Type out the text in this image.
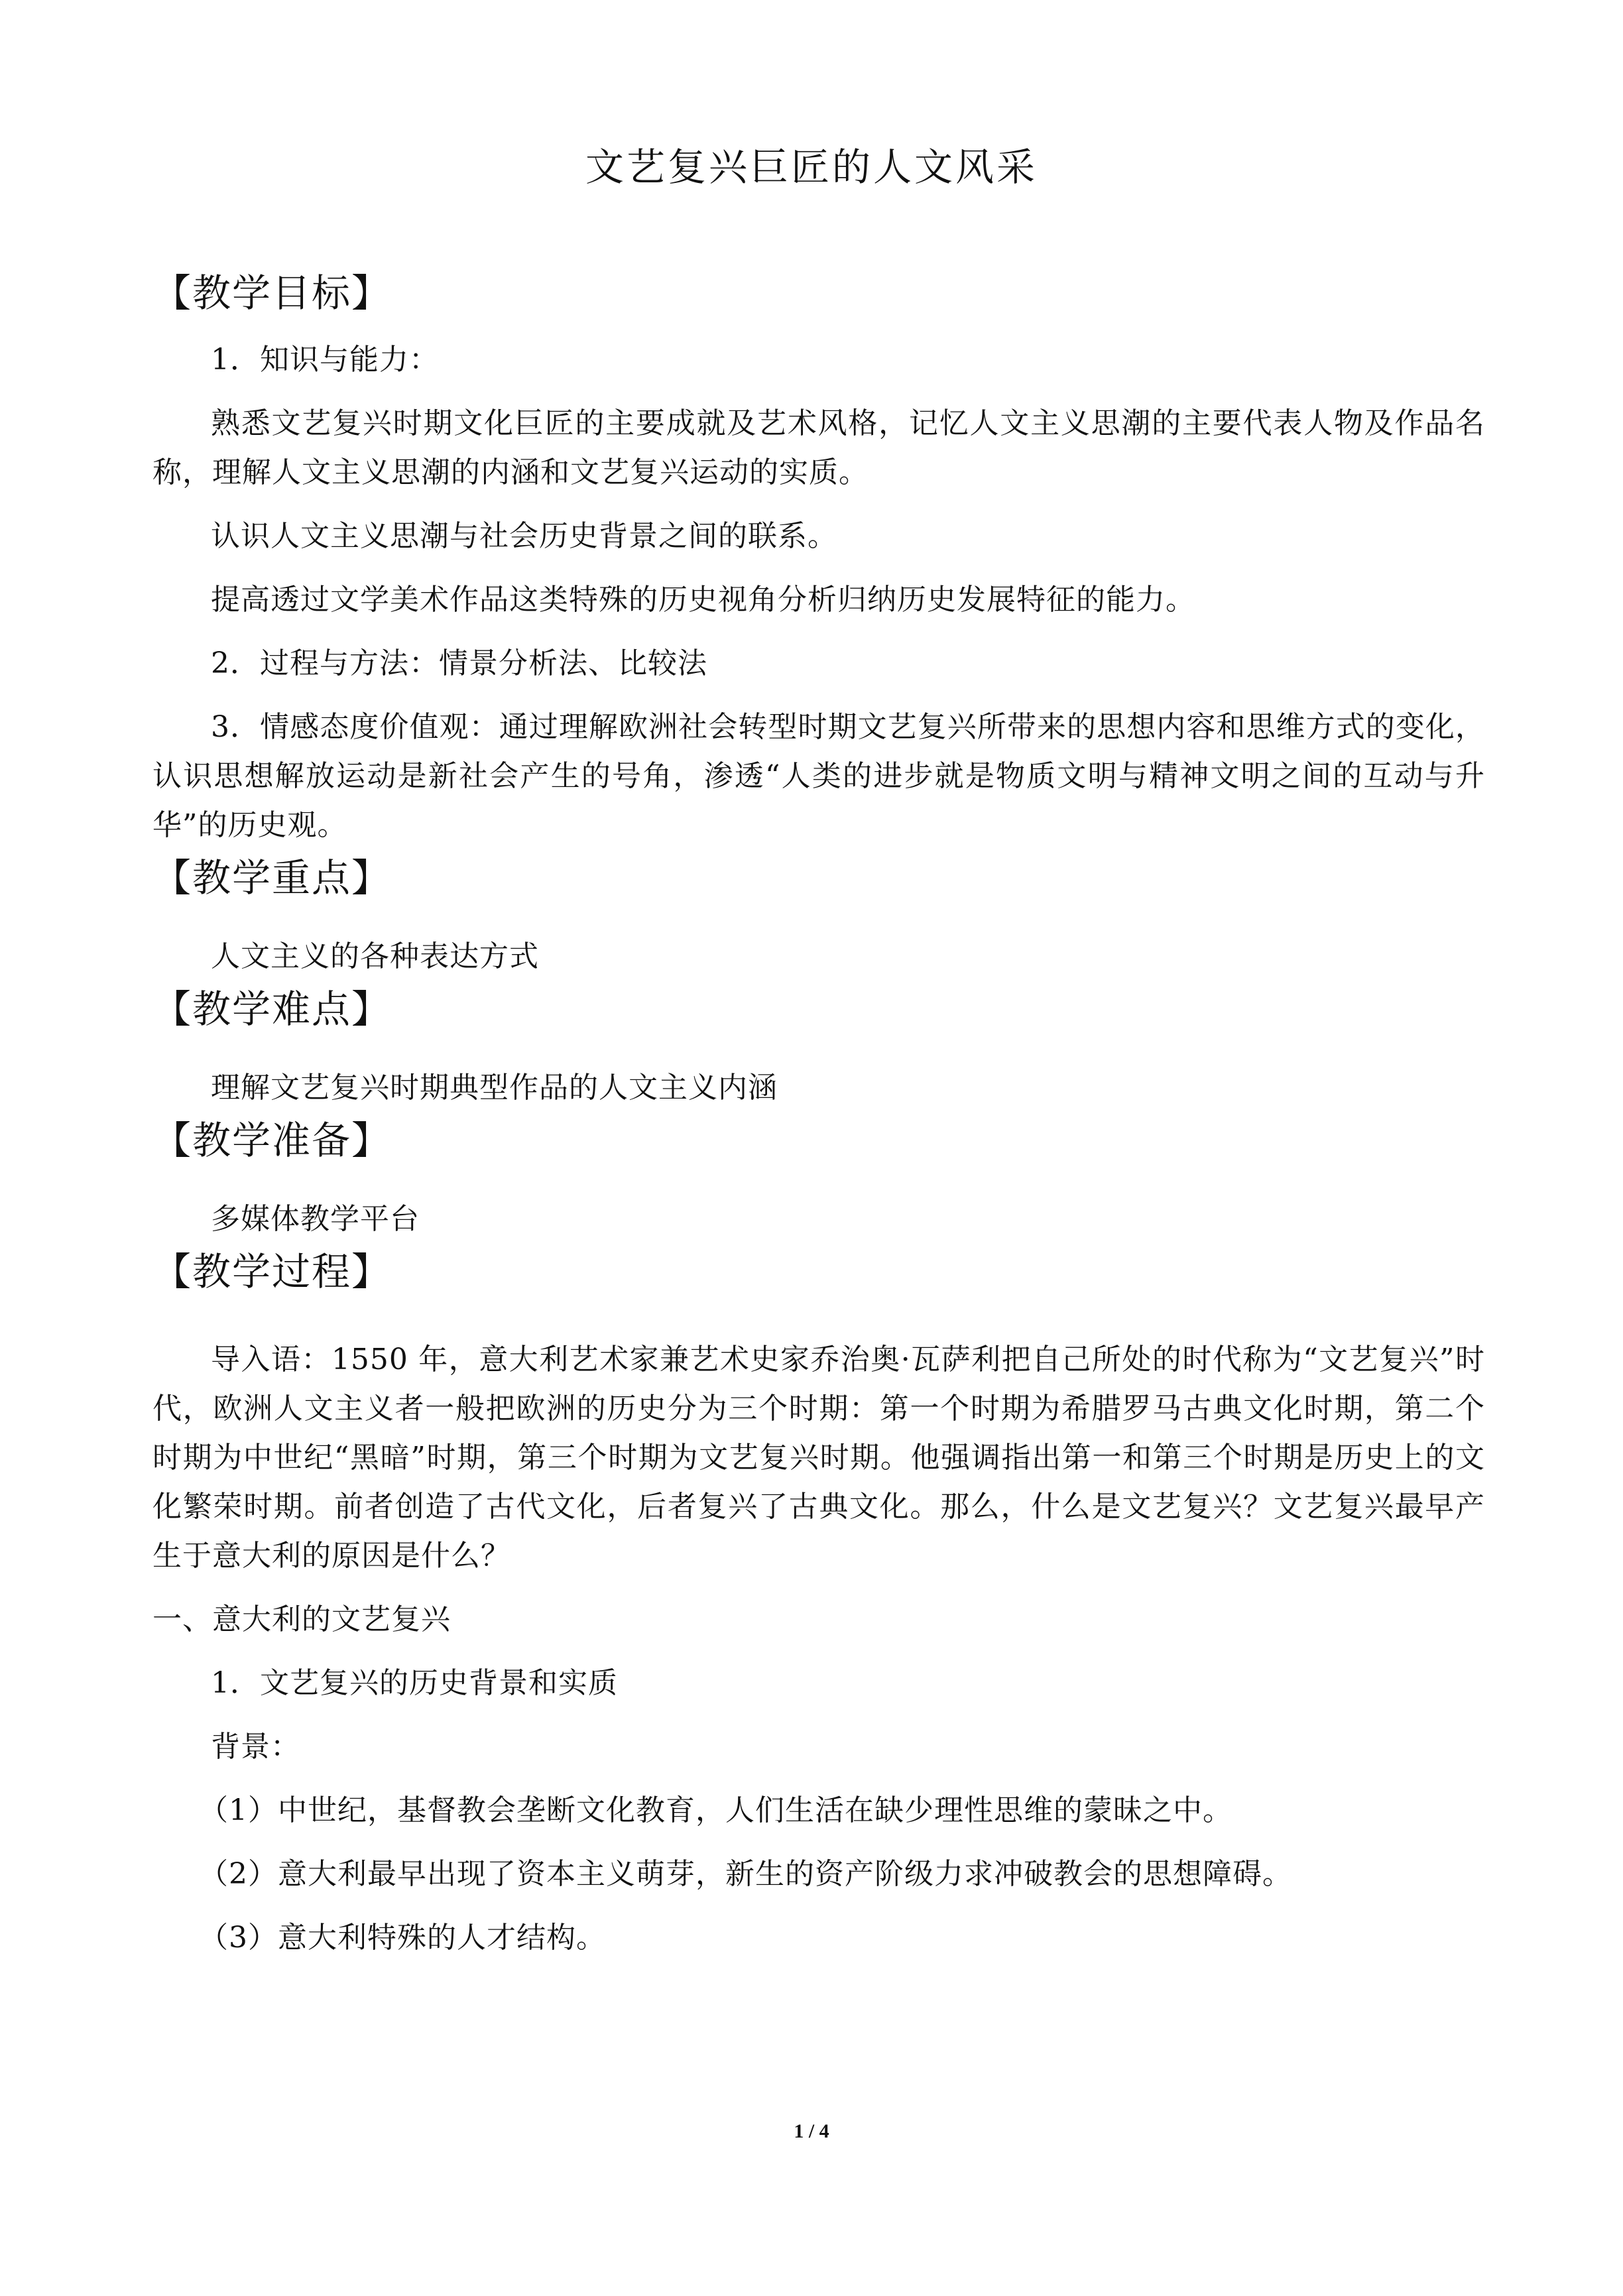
文艺复兴巨匠的人文风采
【教学目标】

1．知识与能力：

熟悉文艺复兴时期文化巨匠的主要成就及艺术风格，记忆人文主义思潮的主要代表人物及作品名称，理解人文主义思潮的内涵和文艺复兴运动的实质。

认识人文主义思潮与社会历史背景之间的联系。

提高透过文学美术作品这类特殊的历史视角分析归纳历史发展特征的能力。

2．过程与方法：情景分析法、比较法

3．情感态度价值观：通过理解欧洲社会转型时期文艺复兴所带来的思想内容和思维方式的变化，认识思想解放运动是新社会产生的号角，渗透“人类的进步就是物质文明与精神文明之间的互动与升华”的历史观。

【教学重点】

人文主义的各种表达方式

【教学难点】

理解文艺复兴时期典型作品的人文主义内涵

【教学准备】

多媒体教学平台

【教学过程】

导入语：1550 年，意大利艺术家兼艺术史家乔治奥·瓦萨利把自己所处的时代称为“文艺复兴”时代，欧洲人文主义者一般把欧洲的历史分为三个时期：第一个时期为希腊罗马古典文化时期，第二个时期为中世纪“黑暗”时期，第三个时期为文艺复兴时期。他强调指出第一和第三个时期是历史上的文化繁荣时期。前者创造了古代文化，后者复兴了古典文化。那么，什么是文艺复兴？文艺复兴最早产生于意大利的原因是什么？

一、意大利的文艺复兴

1．文艺复兴的历史背景和实质

背景：

（1）中世纪，基督教会垄断文化教育，人们生活在缺少理性思维的蒙昧之中。

（2）意大利最早出现了资本主义萌芽，新生的资产阶级力求冲破教会的思想障碍。

（3）意大利特殊的人才结构。

1 / 4
